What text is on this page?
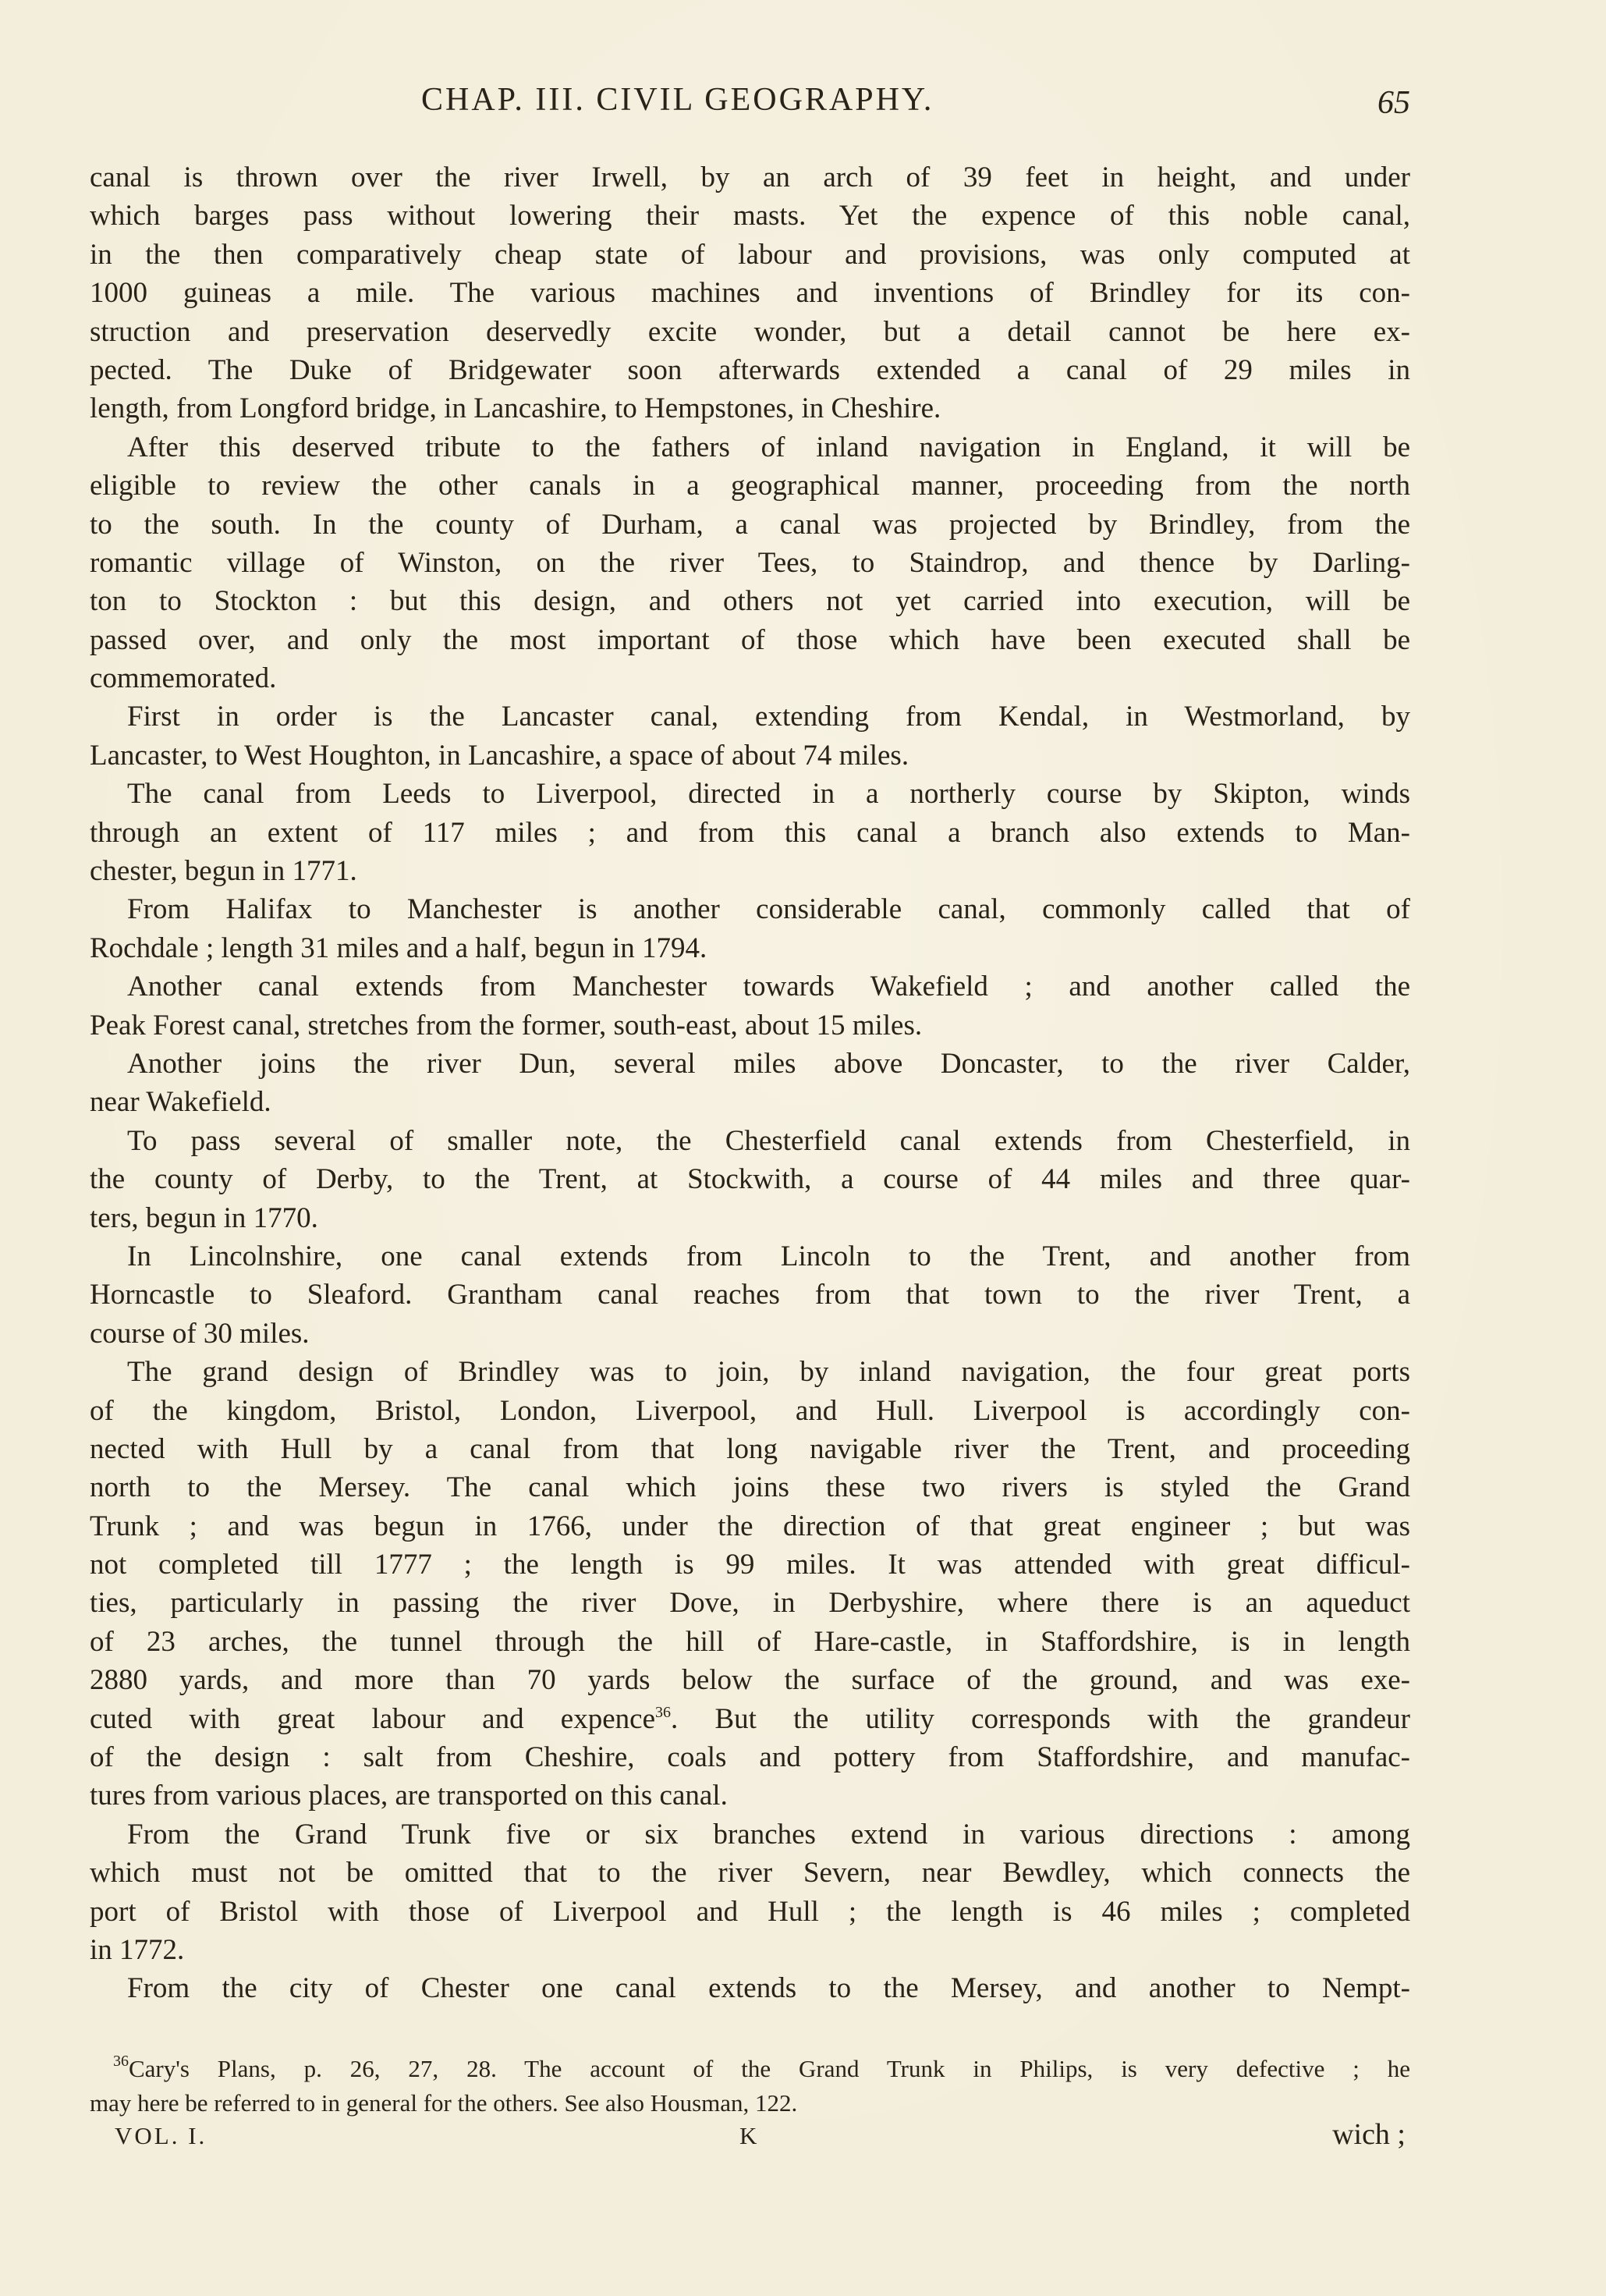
CHAP. III. CIVIL GEOGRAPHY.	65
canal is thrown over the river Irwell, by an arch of 39 feet in height, and under
which barges pass without lowering their masts. Yet the expence of this noble canal,
in the then comparatively cheap state of labour and provisions, was only computed at
1000 guineas a mile. The various machines and inventions of Brindley for its con-
struction and preservation deservedly excite wonder, but a detail cannot be here ex-
pected. The Duke of Bridgewater soon afterwards extended a canal of 29 miles in
length, from Longford bridge, in Lancashire, to Hempstones, in Cheshire.
After this deserved tribute to the fathers of inland navigation in England, it will be
eligible to review the other canals in a geographical manner, proceeding from the north
to the south. In the county of Durham, a canal was projected by Brindley, from the
romantic village of Winston, on the river Tees, to Staindrop, and thence by Darling-
ton to Stockton : but this design, and others not yet carried into execution, will be
passed over, and only the most important of those which have been executed shall be
commemorated.
First in order is the Lancaster canal, extending from Kendal, in Westmorland, by
Lancaster, to West Houghton, in Lancashire, a space of about 74 miles.
The canal from Leeds to Liverpool, directed in a northerly course by Skipton, winds
through an extent of 117 miles ; and from this canal a branch also extends to Man-
chester, begun in 1771.
From Halifax to Manchester is another considerable canal, commonly called that of
Rochdale ; length 31 miles and a half, begun in 1794.
Another canal extends from Manchester towards Wakefield ; and another called the
Peak Forest canal, stretches from the former, south-east, about 15 miles.
Another joins the river Dun, several miles above Doncaster, to the river Calder,
near Wakefield.
To pass several of smaller note, the Chesterfield canal extends from Chesterfield, in
the county of Derby, to the Trent, at Stockwith, a course of 44 miles and three quar-
ters, begun in 1770.
In Lincolnshire, one canal extends from Lincoln to the Trent, and another from
Horncastle to Sleaford. Grantham canal reaches from that town to the river Trent, a
course of 30 miles.
The grand design of Brindley was to join, by inland navigation, the four great ports
of the kingdom, Bristol, London, Liverpool, and Hull. Liverpool is accordingly con-
nected with Hull by a canal from that long navigable river the Trent, and proceeding
north to the Mersey. The canal which joins these two rivers is styled the Grand
Trunk ; and was begun in 1766, under the direction of that great engineer ; but was
not completed till 1777 ; the length is 99 miles. It was attended with great difficul-
ties, particularly in passing the river Dove, in Derbyshire, where there is an aqueduct
of 23 arches, the tunnel through the hill of Hare-castle, in Staffordshire, is in length
2880 yards, and more than 70 yards below the surface of the ground, and was exe-
cuted with great labour and expence$^{36}$. But the utility corresponds with the grandeur
of the design : salt from Cheshire, coals and pottery from Staffordshire, and manufac-
tures from various places, are transported on this canal.
From the Grand Trunk five or six branches extend in various directions : among
which must not be omitted that to the river Severn, near Bewdley, which connects the
port of Bristol with those of Liverpool and Hull ; the length is 46 miles ; completed
in 1772.
From the city of Chester one canal extends to the Mersey, and another to Nempt-
$^{36}$Cary's Plans, p. 26, 27, 28. The account of the Grand Trunk in Philips, is very defective ; he
may here be referred to in general for the others. See also Housman, 122.
VOL. I.	K	wich ;
